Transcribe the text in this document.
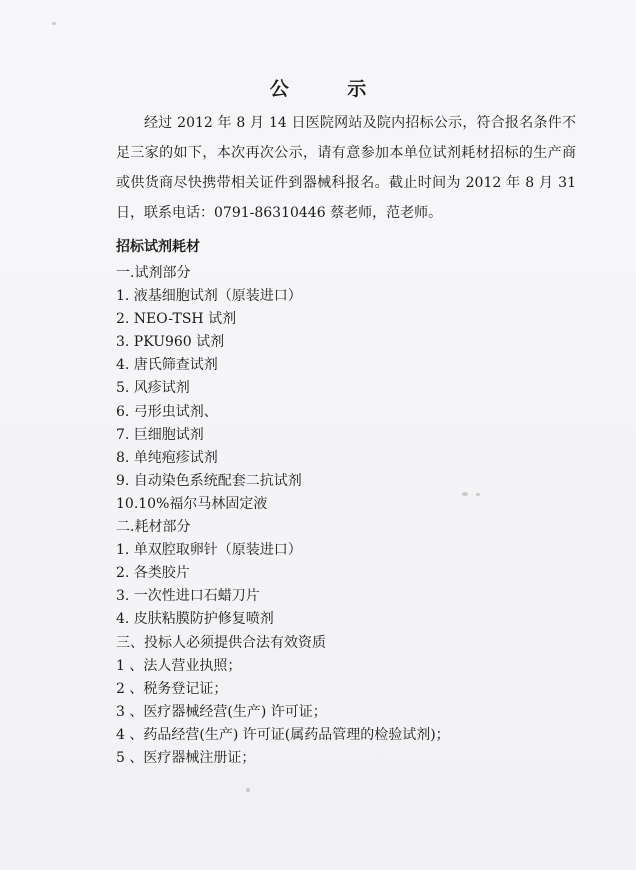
公 示

经过 2012 年 8 月 14 日医院网站及院内招标公示，符合报名条件不足三家的如下，本次再次公示，请有意参加本单位试剂耗材招标的生产商或供货商尽快携带相关证件到器械科报名。截止时间为 2012 年 8 月 31 日，联系电话：0791-86310446 蔡老师，范老师。

招标试剂耗材
一.试剂部分
1. 液基细胞试剂（原装进口）
2. NEO-TSH 试剂
3. PKU960 试剂
4. 唐氏筛查试剂
5. 风疹试剂
6. 弓形虫试剂、
7. 巨细胞试剂
8. 单纯疱疹试剂
9. 自动染色系统配套二抗试剂
10.10%福尔马林固定液
二.耗材部分
1. 单双腔取卵针（原装进口）
2. 各类胶片
3. 一次性进口石蜡刀片
4. 皮肤粘膜防护修复喷剂
三、投标人必须提供合法有效资质
1 、法人营业执照；
2 、税务登记证；
3 、医疗器械经营(生产) 许可证；
4 、药品经营(生产) 许可证(属药品管理的检验试剂)；
5 、医疗器械注册证；
